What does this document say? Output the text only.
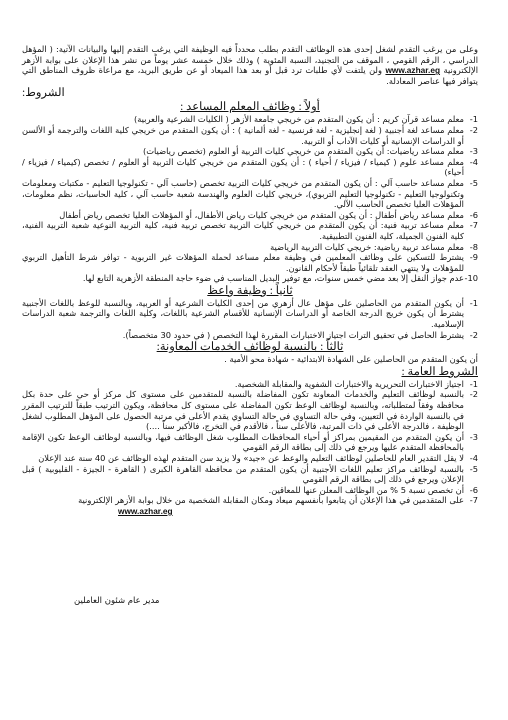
وعلى من يرغب التقدم لشغل إحدى هذه الوظائف التقدم بطلب محدداً فيه الوظيفة التي يرغب التقدم إليها والبيانات الآتية: ( المؤهل الدراسي ، الرقم القومي ، الموقف من التجنيد، النسبة المئوية ) وذلك خلال خمسة عشر يوماً من نشر هذا الإعلان على بوابة الأزهر الإلكترونية www.azhar.eg ولن يلتفت لأي طلبات ترد قبل أو بعد هذا الميعاد أو عن طريق البريد، مع مراعاة ظروف المناطق التي يتوافر فيها عناصر المعادلة.

الشروط:
أولاً : وظائف المعلم المساعد :
1-
معلم مساعد قرآن كريم : أن يكون المتقدم من خريجي جامعة الأزهر ( الكليات الشرعية والعربية)
2-
معلم مساعد لغة أجنبية ( لغة إنجليزية - لغة فرنسية - لغة ألمانية ) : أن يكون المتقدم من خريجي كلية اللغات والترجمة أو الألسن أو الدراسات الإنسانية أو كليات الآداب أو التربية.
3-
معلم مساعد رياضيات: أن يكون المتقدم من خريجي كليات التربية أو العلوم (تخصص رياضيات)
4-
معلم مساعد علوم ( كيمياء / فيزياء / أحياء ) : أن يكون المتقدم من خريجي كليات التربية أو العلوم / تخصص (كيمياء / فيزياء / أحياء)
5-
معلم مساعد حاسب آلي : أن يكون المتقدم من خريجي كليات التربية تخصص (حاسب آلي - تكنولوجيا التعليم - مكتبات ومعلومات وتكنولوجيا التعليم - تكنولوجيا التعليم التربوي)، خريجي كليات العلوم والهندسة شعبة حاسب آلي ، كلية الحاسبات، نظم معلومات، المؤهلات العليا تخصص الحاسب الآلي.
6-
معلم مساعد رياض أطفال : أن يكون المتقدم من خريجي كليات رياض الأطفال، أو المؤهلات العليا تخصص رياض أطفال
7-
معلم مساعد تربية فنية: أن يكون المتقدم من خريجي كليات التربية تخصص تربية فنية، كلية التربية النوعية شعبة التربية الفنية، كلية الفنون الجميلة، كلية الفنون التطبيقية.
8-
معلم مساعد تربية رياضية: خريجي كليات التربية الرياضية
9-
يشترط للتسكين على وظائف المعلمين في وظيفة معلم مساعد لحملة المؤهلات غير التربوية - توافر شرط التأهيل التربوي للمؤهلات ولا ينتهي العقد تلقائياً طبقاً لأحكام القانون.
10-
عدم جواز النقل إلا بعد مضي خمس سنوات، مع توفير البديل المناسب في ضوء حاجة المنطقة الأزهرية التابع لها.
ثانياً : وظيفة واعظ
1-
أن يكون المتقدم من الحاصلين على مؤهل عال أزهري من إحدى الكليات الشرعية أو العربية، وبالنسبة للوعظ باللغات الأجنبية يشترط أن يكون خريج الدرجة الخاصة أو الدراسات الإنسانية للأقسام الشرعية باللغات، وكلية اللغات والترجمة شعبة الدراسات الإسلامية.
2-
يشترط الحاصل في تحقيق الترات اجتياز الاختبارات المقررة لهذا التخصص ( في حدود 30 متخصصاً).
ثالثاً : بالنسبة لوظائف الخدمات المعاونة:
أن يكون المتقدم من الحاصلين على الشهادة الابتدائية - شهادة محو الأمية .
الشروط العامة :
1-
اجتياز الاختبارات التحريرية والاختبارات الشفوية والمقابلة الشخصية.
2-
بالنسبة لوظائف التعليم والخدمات المعاونة تكون المفاضلة بالنسبة للمتقدمين على مستوى كل مركز أو حي على حدة بكل محافظة وفقاً لمتطلباته، وبالنسبة لوظائف الوعظ تكون المفاضلة على مستوى كل محافظة، ويكون الترتيب طبقاً للترتيب المقرر في بالنسبة الواردة في التعيين، وفي حالة التساوي في حالة التساوي يقدم الأعلى في مرتبة الحصول على المؤهل المطلوب لشغل الوظيفة ، فالدرجة الأعلى في ذات المرتبة، فالأعلى سناً ، فالأقدم في التخرج، فالأكبر سناً ....)
3-
أن يكون المتقدم من المقيمين بمراكز أو أحياء المحافظات المطلوب شغل الوظائف فيها، وبالنسبة لوظائف الوعظ تكون الإقامة بالمحافظة المتقدم عليها ويرجع في ذلك إلى بطاقة الرقم القومي
4-
لا يقل التقدير العام للحاصلين لوظائف التعليم والوعظ عن «جيد» ولا يزيد سن المتقدم لهذه الوظائف عن 40 سنة عند الإعلان
5-
بالنسبة لوظائف مراكز تعليم اللغات الأجنبية أن يكون المتقدم من محافظة القاهرة الكبرى ( القاهرة - الجيزة - القليوبية ) قبل الإعلان ويرجع في ذلك إلى بطاقة الرقم القومي
6-
أن تخصص نسبة 5 % من الوظائف المعلن عنها للمعاقين.
7-
على المتقدمين في هذا الإعلان أن يتابعوا بأنفسهم ميعاد ومكان المقابلة الشخصية من خلال بوابة الأزهر الإلكترونية
www.azhar.eg
مدير عام شئون العاملين
